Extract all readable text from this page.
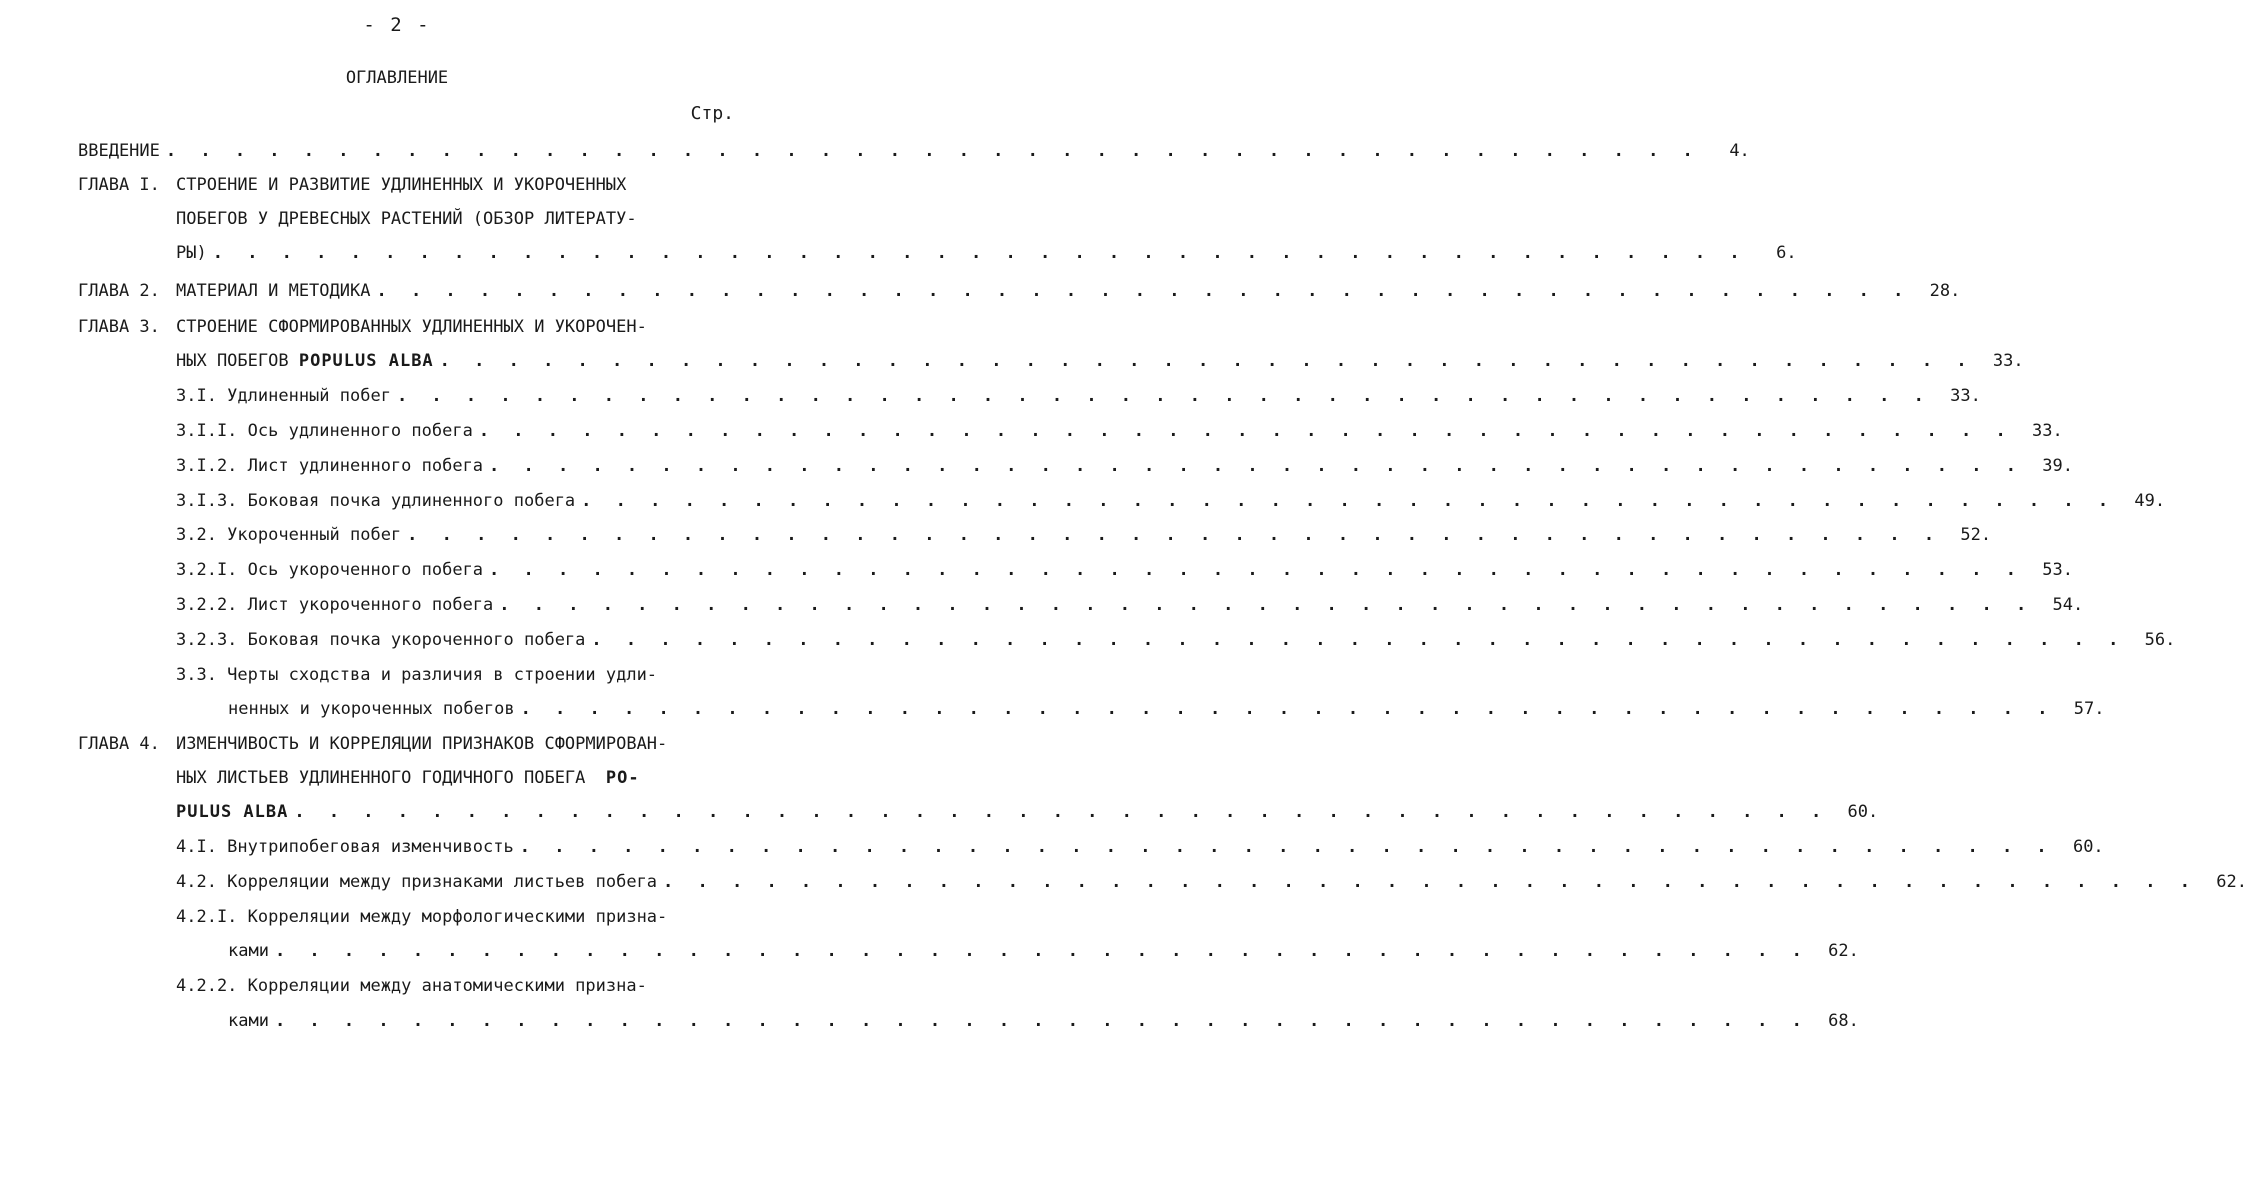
- 2 -
ОГЛАВЛЕНИЕ
Стр.
ВВЕДЕНИЕ . . . . . . . . . . . . . . . . . . . . . . . . . . . . . . . . . . . . . . . . . . . . .	4.
ГЛАВА I. СТРОЕНИЕ И РАЗВИТИЕ УДЛИНЕННЫХ И УКОРОЧЕННЫХ
ПОБЕГОВ У ДРЕВЕСНЫХ РАСТЕНИЙ (ОБЗОР ЛИТЕРАТУ-
РЫ) . . . . . . . . . . . . . . . . . . . . . . . . . . . . . . . . . . . . . . . . . . . . .	6.
ГЛАВА 2. МАТЕРИАЛ И МЕТОДИКА . . . . . . . . . . . . . . . . . . . . . . . . . . . . . . . . . . . . . . . . . . . . .	28.
ГЛАВА 3. СТРОЕНИЕ СФОРМИРОВАННЫХ УДЛИНЕННЫХ И УКОРОЧЕН-
НЫХ ПОБЕГОВ
POPULUS ALBA . . . . . . . . . . . . . . . . . . . . . . . . . . . . . . . . . . . . . . . . . . . . .	33.
3.I. Удлиненный побег . . . . . . . . . . . . . . . . . . . . . . . . . . . . . . . . . . . . . . . . . . . . .	33.
3.I.I. Ось удлиненного побега . . . . . . . . . . . . . . . . . . . . . . . . . . . . . . . . . . . . . . . . . . . . .	33.
3.I.2. Лист удлиненного побега . . . . . . . . . . . . . . . . . . . . . . . . . . . . . . . . . . . . . . . . . . . . .	39.
3.I.3. Боковая почка удлиненного побега . . . . . . . . . . . . . . . . . . . . . . . . . . . . . . . . . . . . . . . . . . . . .	49.
3.2. Укороченный побег . . . . . . . . . . . . . . . . . . . . . . . . . . . . . . . . . . . . . . . . . . . . .	52.
3.2.I. Ось укороченного побега . . . . . . . . . . . . . . . . . . . . . . . . . . . . . . . . . . . . . . . . . . . . .	53.
3.2.2. Лист укороченного побега . . . . . . . . . . . . . . . . . . . . . . . . . . . . . . . . . . . . . . . . . . . . .	54.
3.2.3. Боковая почка укороченного побега . . . . . . . . . . . . . . . . . . . . . . . . . . . . . . . . . . . . . . . . . . . . .	56.
3.3. Черты сходства и различия в строении удли-
ненных и укороченных побегов . . . . . . . . . . . . . . . . . . . . . . . . . . . . . . . . . . . . . . . . . . . . .	57.
ГЛАВА 4. ИЗМЕНЧИВОСТЬ И КОРРЕЛЯЦИИ ПРИЗНАКОВ СФОРМИРОВАН-
НЫХ ЛИСТЬЕВ УДЛИНЕННОГО ГОДИЧНОГО ПОБЕГА PO-
PULUS ALBA . . . . . . . . . . . . . . . . . . . . . . . . . . . . . . . . . . . . . . . . . . . . .	60.
4.I. Внутрипобеговая изменчивость . . . . . . . . . . . . . . . . . . . . . . . . . . . . . . . . . . . . . . . . . . . . .	60.
4.2. Корреляции между признаками листьев побега . . . . . . . . . . . . . . . . . . . . . . . . . . . . . . . . . . . . . . . . . . . . .	62.
4.2.I. Корреляции между морфологическими призна-
ками . . . . . . . . . . . . . . . . . . . . . . . . . . . . . . . . . . . . . . . . . . . . .	62.
4.2.2. Корреляции между анатомическими призна-
ками . . . . . . . . . . . . . . . . . . . . . . . . . . . . . . . . . . . . . . . . . . . . .	68.
